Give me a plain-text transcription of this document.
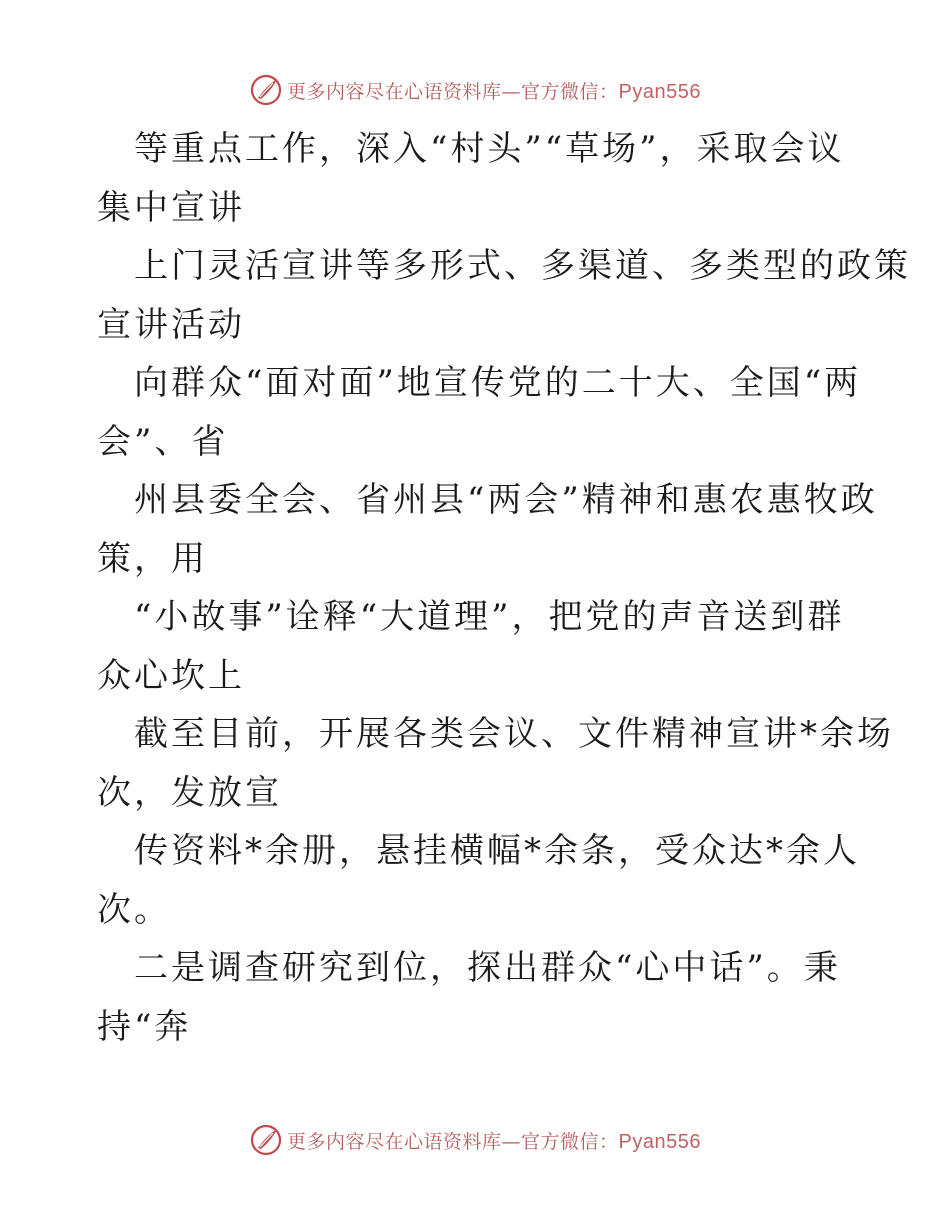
更多内容尽在心语资料库—官方微信：Pyan556
等重点工作，深入“村头”“草场”，采取会议
集中宣讲
上门灵活宣讲等多形式、多渠道、多类型的政策
宣讲活动
向群众“面对面”地宣传党的二十大、全国“两
会”、省
州县委全会、省州县“两会”精神和惠农惠牧政
策，用
“小故事”诠释“大道理”，把党的声音送到群
众心坎上
截至目前，开展各类会议、文件精神宣讲*余场
次，发放宣
传资料*余册，悬挂横幅*余条，受众达*余人
次。
二是调查研究到位，探出群众“心中话”。秉
持“奔
更多内容尽在心语资料库—官方微信：Pyan556
